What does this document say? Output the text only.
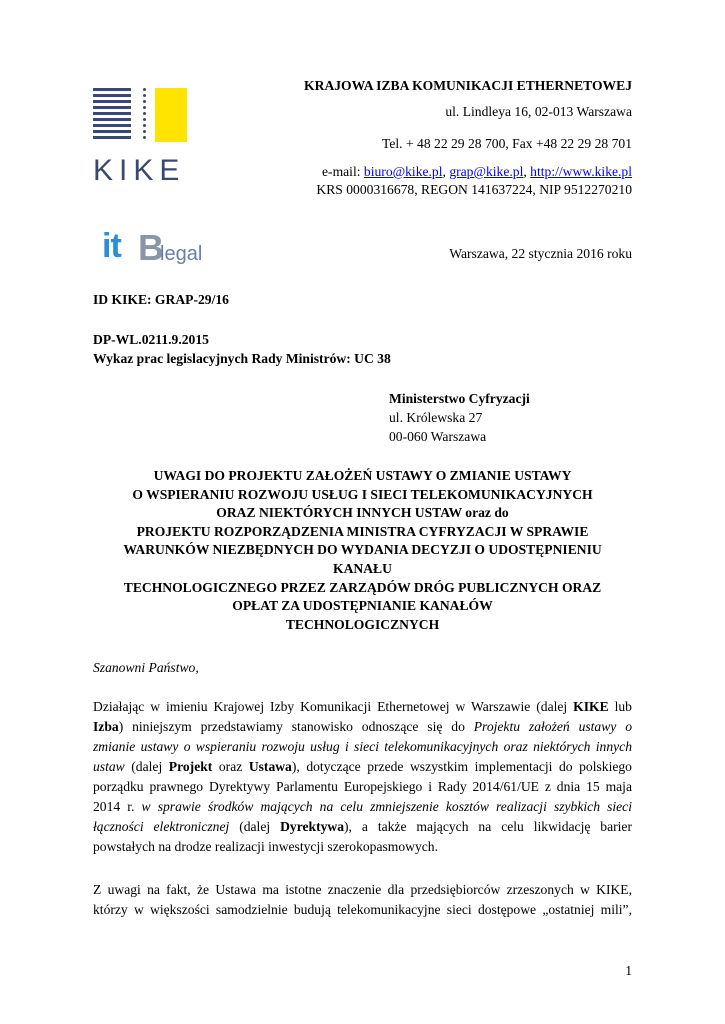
KIKE
KRAJOWA IZBA KOMUNIKACJI ETHERNETOWEJ
ul. Lindleya 16, 02-013 Warszawa
Tel. + 48 22 29 28 700, Fax +48 22 29 28 701
e-mail: biuro@kike.pl, grap@kike.pl, http://www.kike.pl
KRS 0000316678, REGON 141637224, NIP 9512270210
it B
legal	Warszawa, 22 stycznia 2016 roku
ID KIKE: GRAP-29/16
DP-WL.0211.9.2015
Wykaz prac legislacyjnych Rady Ministrów: UC 38
Ministerstwo Cyfryzacji
ul. Królewska 27
00-060 Warszawa
UWAGI DO PROJEKTU ZAŁOŻEŃ USTAWY O ZMIANIE USTAWY
O WSPIERANIU ROZWOJU USŁUG I SIECI TELEKOMUNIKACYJNYCH
ORAZ NIEKTÓRYCH INNYCH USTAW oraz do
PROJEKTU ROZPORZĄDZENIA MINISTRA CYFRYZACJI W SPRAWIE
WARUNKÓW NIEZBĘDNYCH DO WYDANIA DECYZJI O UDOSTĘPNIENIU
KANAŁU
TECHNOLOGICZNEGO PRZEZ ZARZĄDÓW DRÓG PUBLICZNYCH ORAZ
OPŁAT ZA UDOSTĘPNIANIE KANAŁÓW
TECHNOLOGICZNYCH
Szanowni Państwo,
Działając w imieniu Krajowej Izby Komunikacji Ethernetowej w Warszawie (dalej KIKE lub
Izba) niniejszym przedstawiamy stanowisko odnoszące się do Projektu założeń ustawy o
zmianie ustawy o wspieraniu rozwoju usług i sieci telekomunikacyjnych oraz niektórych innych
ustaw (dalej Projekt oraz Ustawa), dotyczące przede wszystkim implementacji do polskiego
porządku prawnego Dyrektywy Parlamentu Europejskiego i Rady 2014/61/UE z dnia 15 maja
2014 r. w sprawie środków mających na celu zmniejszenie kosztów realizacji szybkich sieci
łączności elektronicznej (dalej Dyrektywa), a także mających na celu likwidację barier
powstałych na drodze realizacji inwestycji szerokopasmowych.
Z uwagi na fakt, że Ustawa ma istotne znaczenie dla przedsiębiorców zrzeszonych w KIKE,
którzy w większości samodzielnie budują telekomunikacyjne sieci dostępowe „ostatniej mili”,
1
